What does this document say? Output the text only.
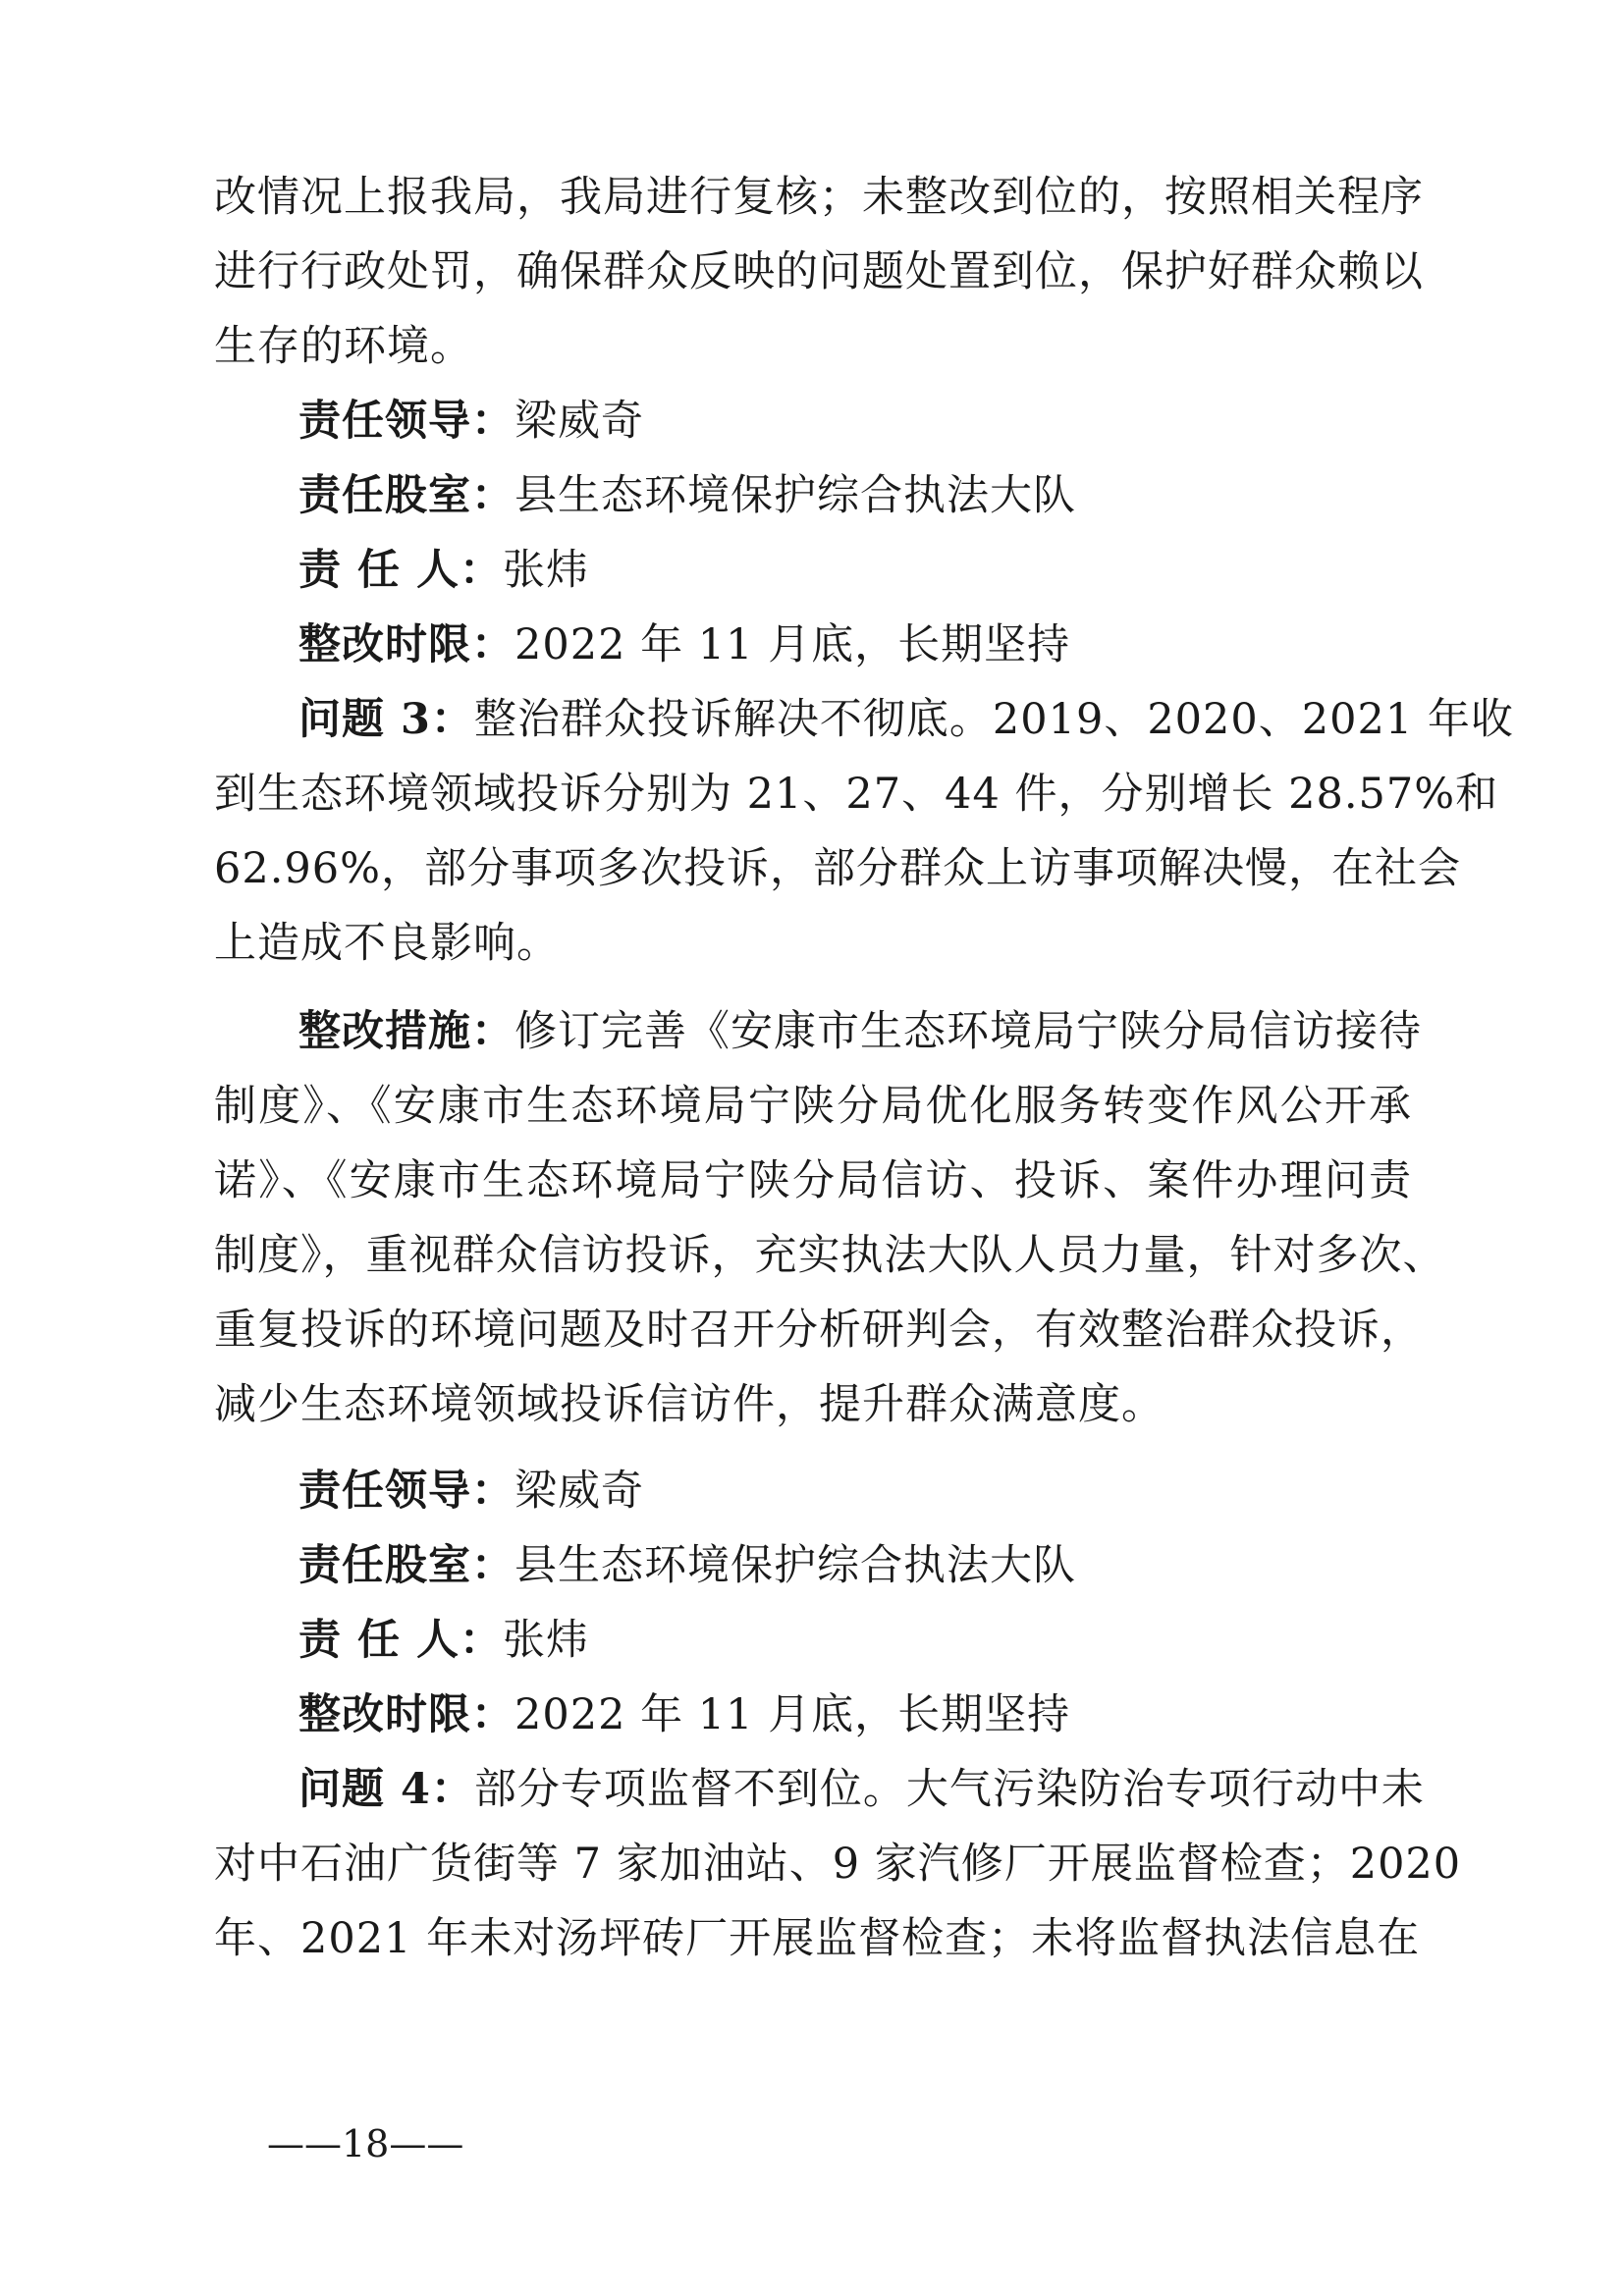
改情况上报我局，我局进行复核；未整改到位的，按照相关程序
进行行政处罚，确保群众反映的问题处置到位，保护好群众赖以
生存的环境。
责任领导：梁威奇
责任股室：县生态环境保护综合执法大队
责 任 人：张炜
整改时限：2022 年 11 月底，长期坚持
问题 3：整治群众投诉解决不彻底。2019、2020、2021 年收
到生态环境领域投诉分别为 21、27、44 件，分别增长 28.57%和
62.96%，部分事项多次投诉，部分群众上访事项解决慢，在社会
上造成不良影响。
整改措施：修订完善《安康市生态环境局宁陕分局信访接待
制度》、《安康市生态环境局宁陕分局优化服务转变作风公开承
诺》、《安康市生态环境局宁陕分局信访、投诉、案件办理问责
制度》，重视群众信访投诉，充实执法大队人员力量，针对多次、
重复投诉的环境问题及时召开分析研判会，有效整治群众投诉，
减少生态环境领域投诉信访件，提升群众满意度。
责任领导：梁威奇
责任股室：县生态环境保护综合执法大队
责 任 人：张炜
整改时限：2022 年 11 月底，长期坚持
问题 4：部分专项监督不到位。大气污染防治专项行动中未
对中石油广货街等 7 家加油站、9 家汽修厂开展监督检查；2020
年、2021 年未对汤坪砖厂开展监督检查；未将监督执法信息在
——18——
